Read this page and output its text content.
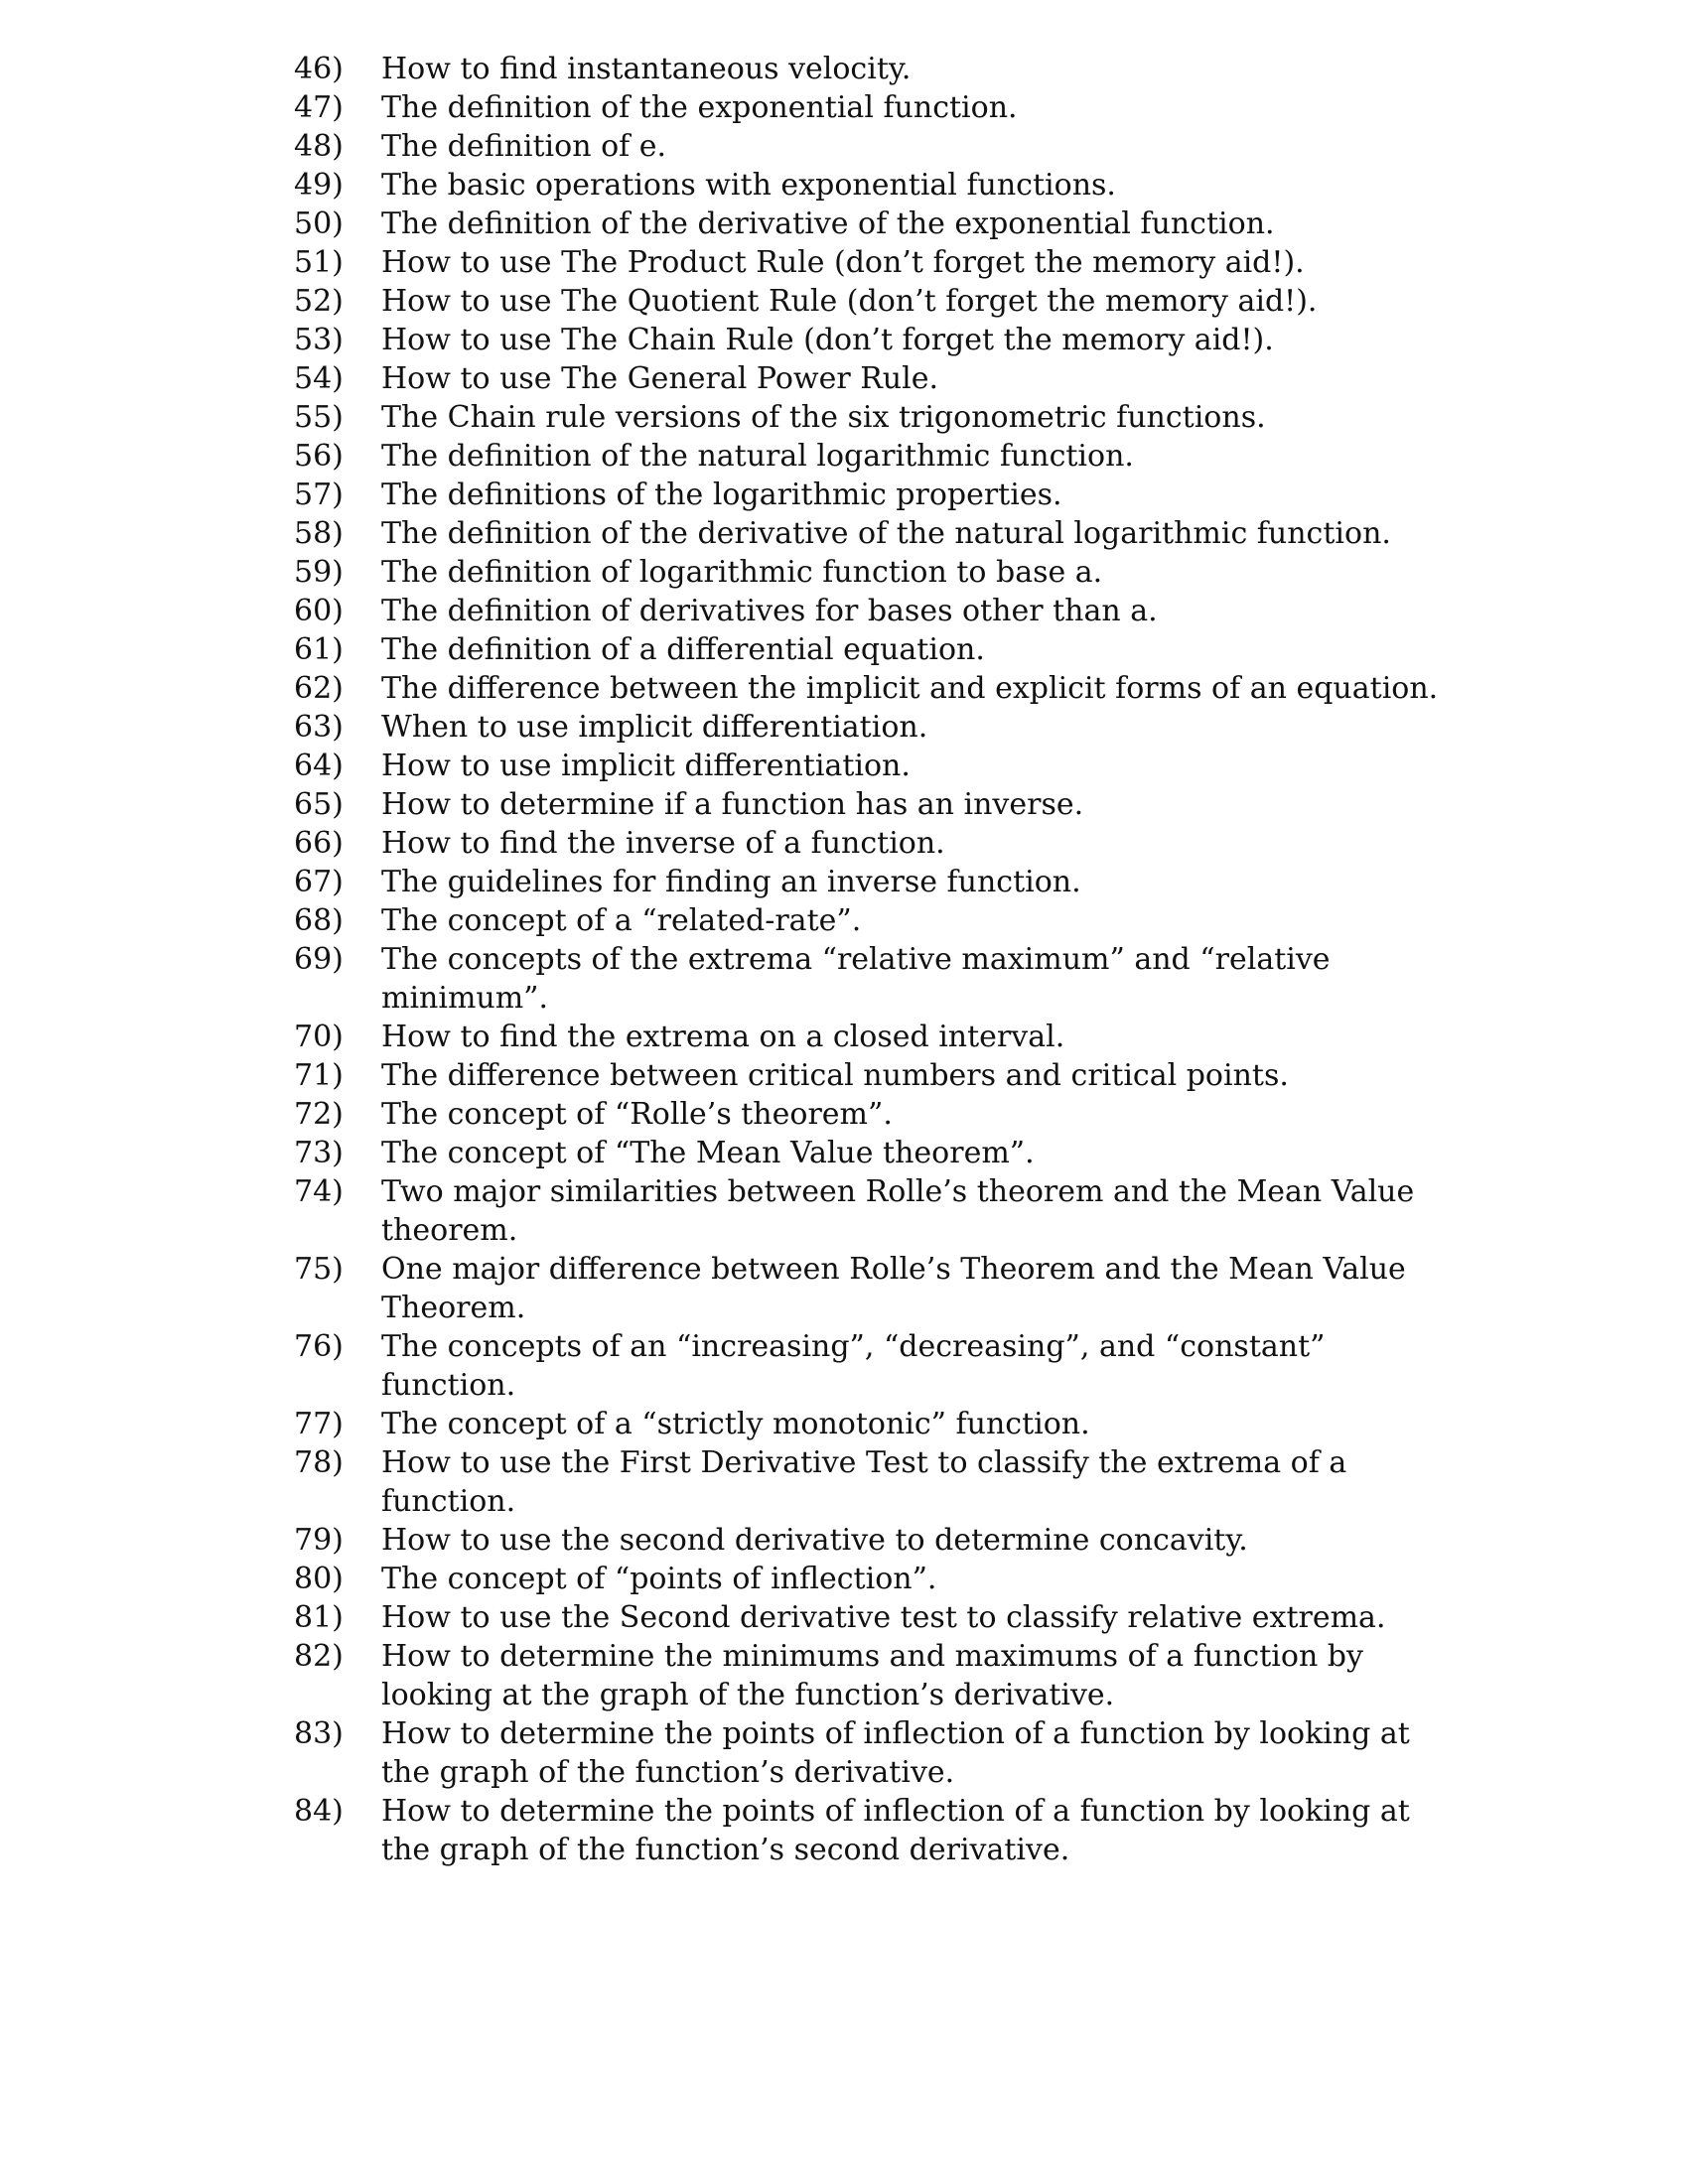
46)	How to find instantaneous velocity.
47)	The definition of the exponential function.
48)	The definition of e.
49)	The basic operations with exponential functions.
50)	The definition of the derivative of the exponential function.
51)	How to use The Product Rule (don’t forget the memory aid!).
52)	How to use The Quotient Rule (don’t forget the memory aid!).
53)	How to use The Chain Rule (don’t forget the memory aid!).
54)	How to use The General Power Rule.
55)	The Chain rule versions of the six trigonometric functions.
56)	The definition of the natural logarithmic function.
57)	The definitions of the logarithmic properties.
58)	The definition of the derivative of the natural logarithmic function.
59)	The definition of logarithmic function to base a.
60)	The definition of derivatives for bases other than a.
61)	The definition of a differential equation.
62)	The difference between the implicit and explicit forms of an equation.
63)	When to use implicit differentiation.
64)	How to use implicit differentiation.
65)	How to determine if a function has an inverse.
66)	How to find the inverse of a function.
67)	The guidelines for finding an inverse function.
68)	The concept of a “related-rate”.
69)	The concepts of the extrema “relative maximum” and “relative minimum”.
70)	How to find the extrema on a closed interval.
71)	The difference between critical numbers and critical points.
72)	The concept of “Rolle’s theorem”.
73)	The concept of “The Mean Value theorem”.
74)	Two major similarities between Rolle’s theorem and the Mean Value theorem.
75)	One major difference between Rolle’s Theorem and the Mean Value Theorem.
76)	The concepts of an “increasing”, “decreasing”, and “constant” function.
77)	The concept of a “strictly monotonic” function.
78)	How to use the First Derivative Test to classify the extrema of a function.
79)	How to use the second derivative to determine concavity.
80)	The concept of “points of inflection”.
81)	How to use the Second derivative test to classify relative extrema.
82)	How to determine the minimums and maximums of a function by looking at the graph of the function’s derivative.
83)	How to determine the points of inflection of a function by looking at the graph of the function’s derivative.
84)	How to determine the points of inflection of a function by looking at the graph of the function’s second derivative.
